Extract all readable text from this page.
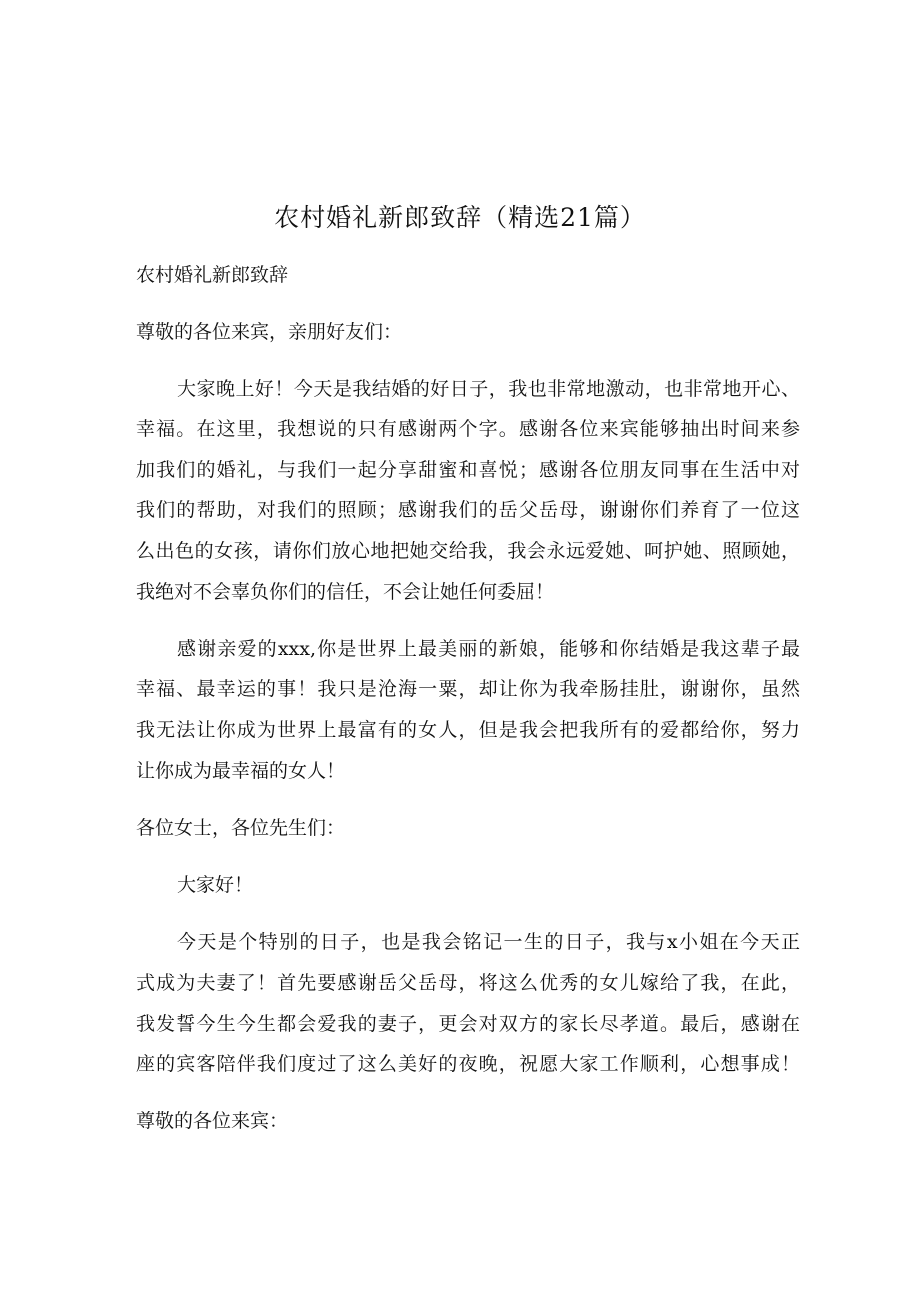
农村婚礼新郎致辞（精选21篇）
农村婚礼新郎致辞
尊敬的各位来宾，亲朋好友们：
大家晚上好！今天是我结婚的好日子，我也非常地激动，也非常地开心、
幸福。在这里，我想说的只有感谢两个字。感谢各位来宾能够抽出时间来参
加我们的婚礼，与我们一起分享甜蜜和喜悦；感谢各位朋友同事在生活中对
我们的帮助，对我们的照顾；感谢我们的岳父岳母，谢谢你们养育了一位这
么出色的女孩，请你们放心地把她交给我，我会永远爱她、呵护她、照顾她，
我绝对不会辜负你们的信任，不会让她任何委屈！
感谢亲爱的xxx,你是世界上最美丽的新娘，能够和你结婚是我这辈子最
幸福、最幸运的事！我只是沧海一粟，却让你为我牵肠挂肚，谢谢你，虽然
我无法让你成为世界上最富有的女人，但是我会把我所有的爱都给你，努力
让你成为最幸福的女人！
各位女士，各位先生们：
大家好！
今天是个特别的日子，也是我会铭记一生的日子，我与x小姐在今天正
式成为夫妻了！首先要感谢岳父岳母，将这么优秀的女儿嫁给了我，在此，
我发誓今生今生都会爱我的妻子，更会对双方的家长尽孝道。最后，感谢在
座的宾客陪伴我们度过了这么美好的夜晚，祝愿大家工作顺利，心想事成！
尊敬的各位来宾：
